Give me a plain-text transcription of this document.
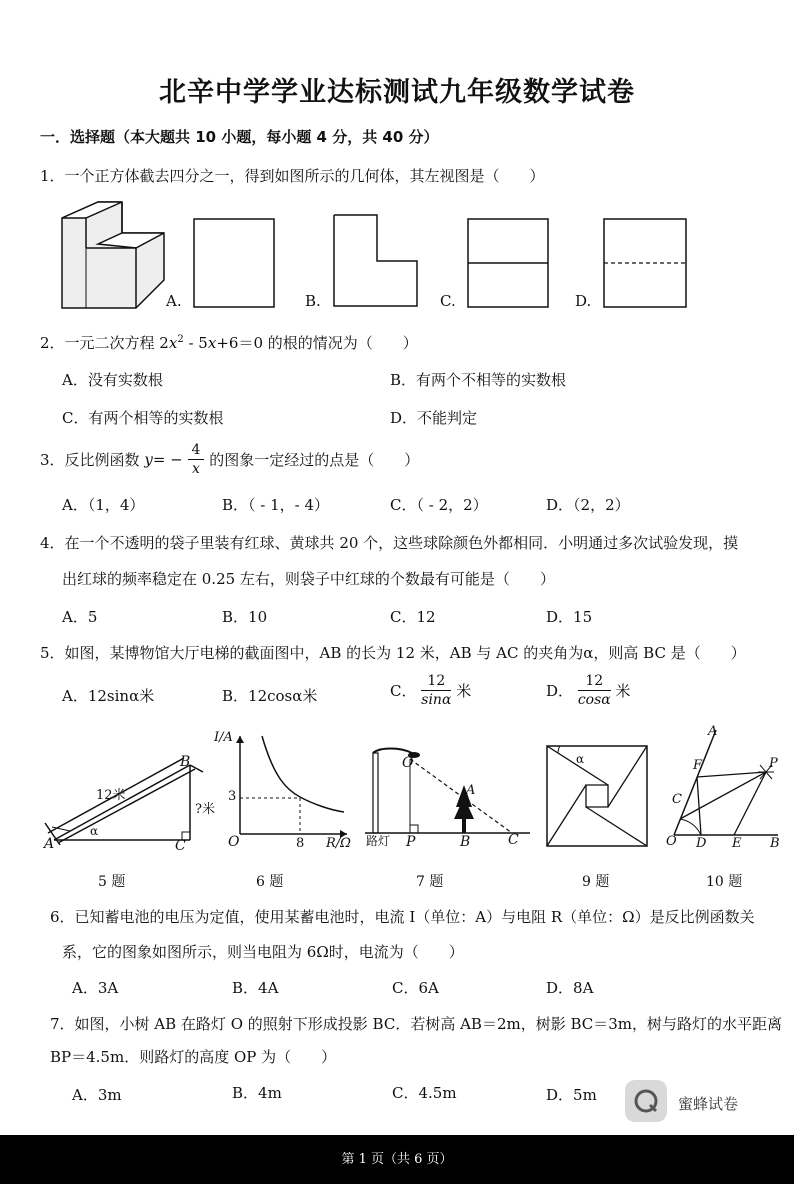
北辛中学学业达标测试九年级数学试卷
一．选择题（本大题共 10 小题，每小题 4 分，共 40 分）
1．一个正方体截去四分之一，得到如图所示的几何体，其左视图是（　　）
A.	B.	C.	D.
2．一元二次方程 $2x^2 - 5x+6=0$ 的根的情况为（　　）
A．没有实数根	B．有两个不相等的实数根
C．有两个相等的实数根	D．不能判定
3．反比例函数 $y= - \frac{4}{x}$ 的图象一定经过的点是（　　）
A．（1，4）	B．（ - 1，- 4）	C．（ - 2，2）	D．（2，2）
4．在一个不透明的袋子里装有红球、黄球共 20 个，这些球除颜色外都相同．小明通过多次试验发现，摸
出红球的频率稳定在 0.25 左右，则袋子中红球的个数最有可能是（　　）
A．5	B．10	C．12	D．15
5．如图，某博物馆大厅电梯的截面图中，AB 的长为 12 米，AB 与 AC 的夹角为α，则高 BC 是（　　）
A．12sinα米	B．12cosα米	C． $\frac{12}{\sin\alpha}$ 米	D． $\frac{12}{\cos\alpha}$ 米
A
B
C
12米
?米
α
5 题
I/A
R/Ω
O
3
8
6 题
O
A
路灯 P	B	C
7 题
α
9 题
A
F	P
C
O D E B
10 题
6．已知蓄电池的电压为定值，使用某蓄电池时，电流 I（单位：A）与电阻 R（单位：Ω）是反比例函数关
系，它的图象如图所示，则当电阻为 6Ω时，电流为（　　）
A．3A	B．4A	C．6A	D．8A
7．如图，小树 AB 在路灯 O 的照射下形成投影 BC．若树高 AB＝2m，树影 BC＝3m，树与路灯的水平距离
BP＝4.5m．则路灯的高度 OP 为（　　）
A．3m	B．4m	C．4.5m	D．5m	蜜蜂试卷
第 1 页（共 6 页）
